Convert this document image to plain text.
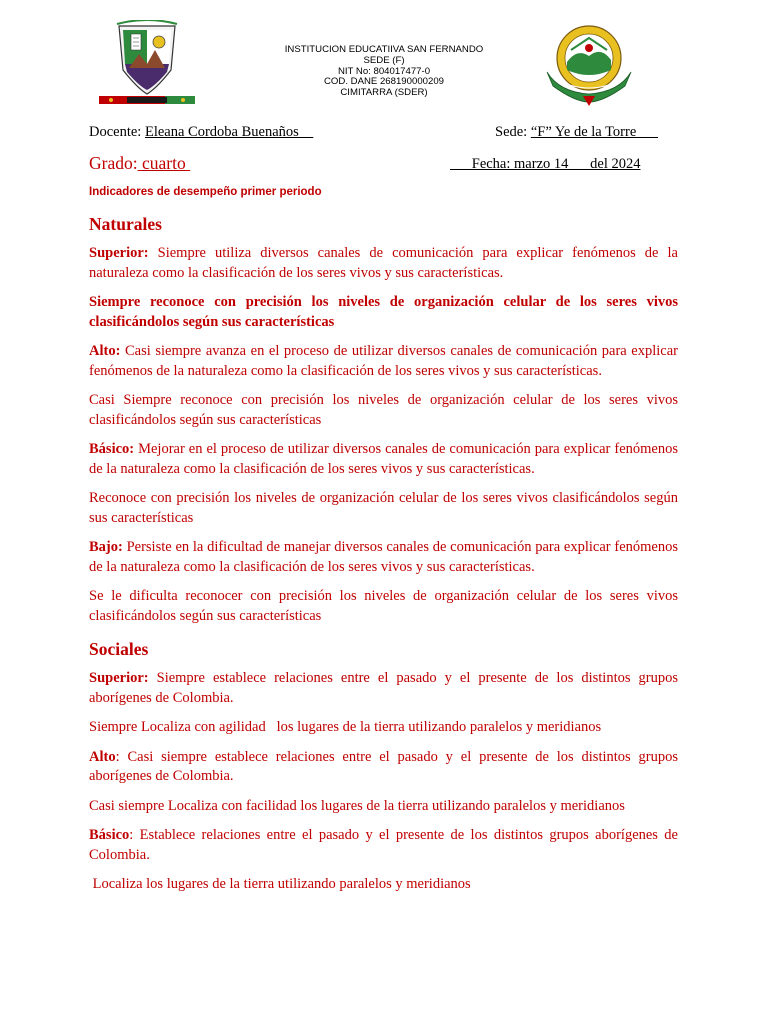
INSTITUCION EDUCATIIVA SAN FERNANDO
SEDE (F)
NIT No: 804017477-0
COD. DANE 268190000209
CIMITARRA (SDER)
Docente: Eleana Cordoba Buenaños	Sede: “F” Ye de la Torre
Grado: cuarto	Fecha: marzo 14      del 2024
Indicadores de desempeño primer periodo
Naturales

Superior: Siempre utiliza diversos canales de comunicación para explicar fenómenos de la naturaleza como la clasificación de los seres vivos y sus características.

Siempre reconoce con precisión los niveles de organización celular de los seres vivos clasificándolos según sus características

Alto: Casi siempre avanza en el proceso de utilizar diversos canales de comunicación para explicar fenómenos de la naturaleza como la clasificación de los seres vivos y sus características.

Casi Siempre reconoce con precisión los niveles de organización celular de los seres vivos clasificándolos según sus características

Básico: Mejorar en el proceso de utilizar diversos canales de comunicación para explicar fenómenos de la naturaleza como la clasificación de los seres vivos y sus características.

Reconoce con precisión los niveles de organización celular de los seres vivos clasificándolos según sus características

Bajo: Persiste en la dificultad de manejar diversos canales de comunicación para explicar fenómenos de la naturaleza como la clasificación de los seres vivos y sus características.

Se le dificulta reconocer con precisión los niveles de organización celular de los seres vivos clasificándolos según sus características

Sociales

Superior: Siempre establece relaciones entre el pasado y el presente de los distintos grupos aborígenes de Colombia.

Siempre Localiza con agilidad   los lugares de la tierra utilizando paralelos y meridianos

Alto: Casi siempre establece relaciones entre el pasado y el presente de los distintos grupos aborígenes de Colombia.

Casi siempre Localiza con facilidad los lugares de la tierra utilizando paralelos y meridianos

Básico: Establece relaciones entre el pasado y el presente de los distintos grupos aborígenes de Colombia.

Localiza los lugares de la tierra utilizando paralelos y meridianos
